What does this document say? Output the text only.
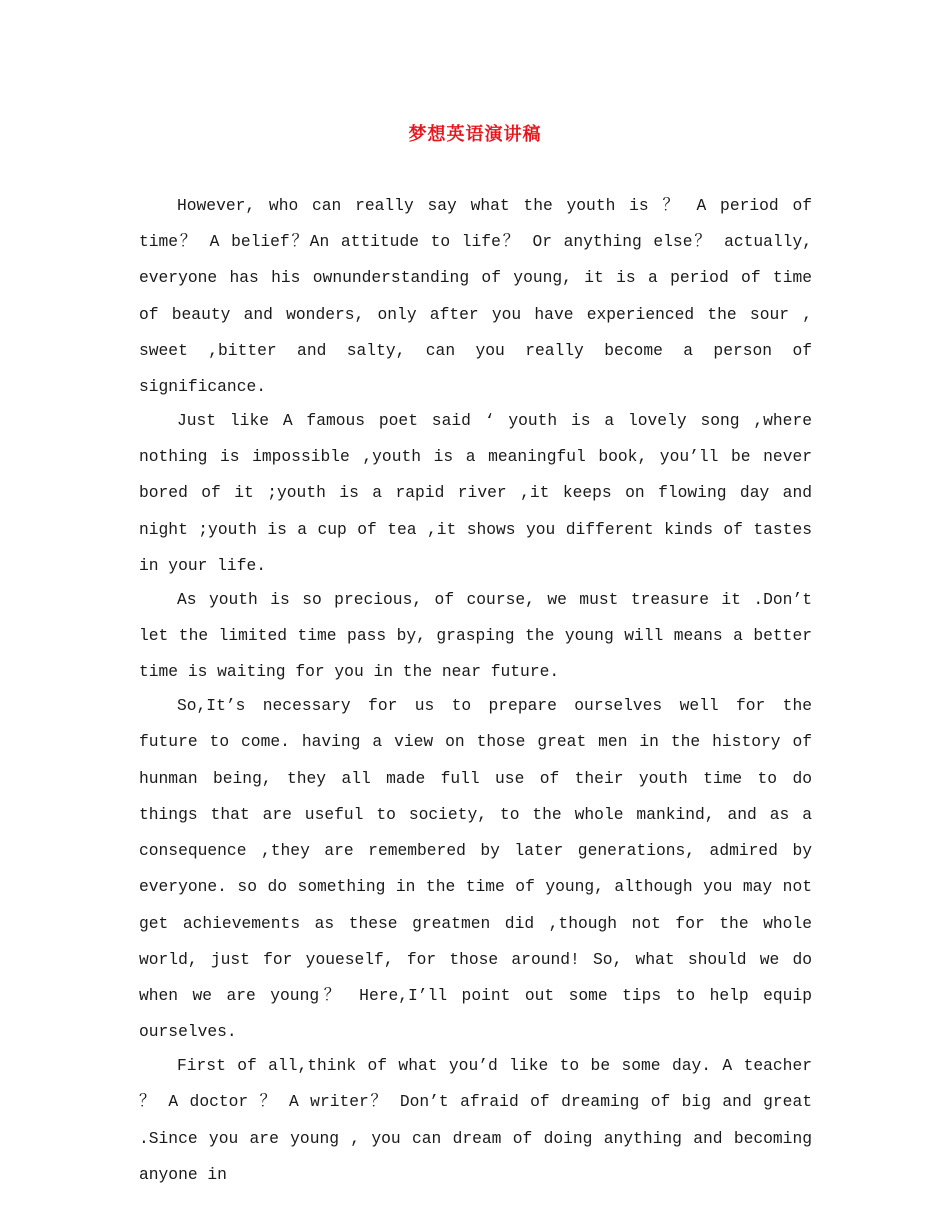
梦想英语演讲稿

However, who can really say what the youth is ？ A period of time？ A belief？An attitude to life？ Or anything else？ actually, everyone has his ownunderstanding of young, it is a period of time of beauty and wonders, only after you have experienced the sour , sweet ,bitter and salty, can you really become a person of significance.

Just like A famous poet said ‘ youth is a lovely song ,where nothing is impossible ,youth is a meaningful book, you’ll be never bored of it ;youth is a rapid river ,it keeps on flowing day and night ;youth is a cup of tea ,it shows you different kinds of tastes in your life.

As youth is so precious, of course, we must treasure it .Don’t let the limited time pass by, grasping the young will means a better time is waiting for you in the near future.

So,It’s necessary for us to prepare ourselves well for the future to come. having a view on those great men in the history of hunman being, they all made full use of their youth time to do things that are useful to society, to the whole mankind, and as a consequence ,they are remembered by later generations, admired by everyone. so do something in the time of young, although you may not get achievements as these greatmen did ,though not for the whole world, just for youeself, for those around! So, what should we do when we are young？ Here,I’ll point out some tips to help equip ourselves.

First of all,think of what you’d like to be some day. A teacher ？ A doctor ？ A writer？ Don’t afraid of dreaming of big and great .Since you are young , you can dream of doing anything and becoming anyone in
